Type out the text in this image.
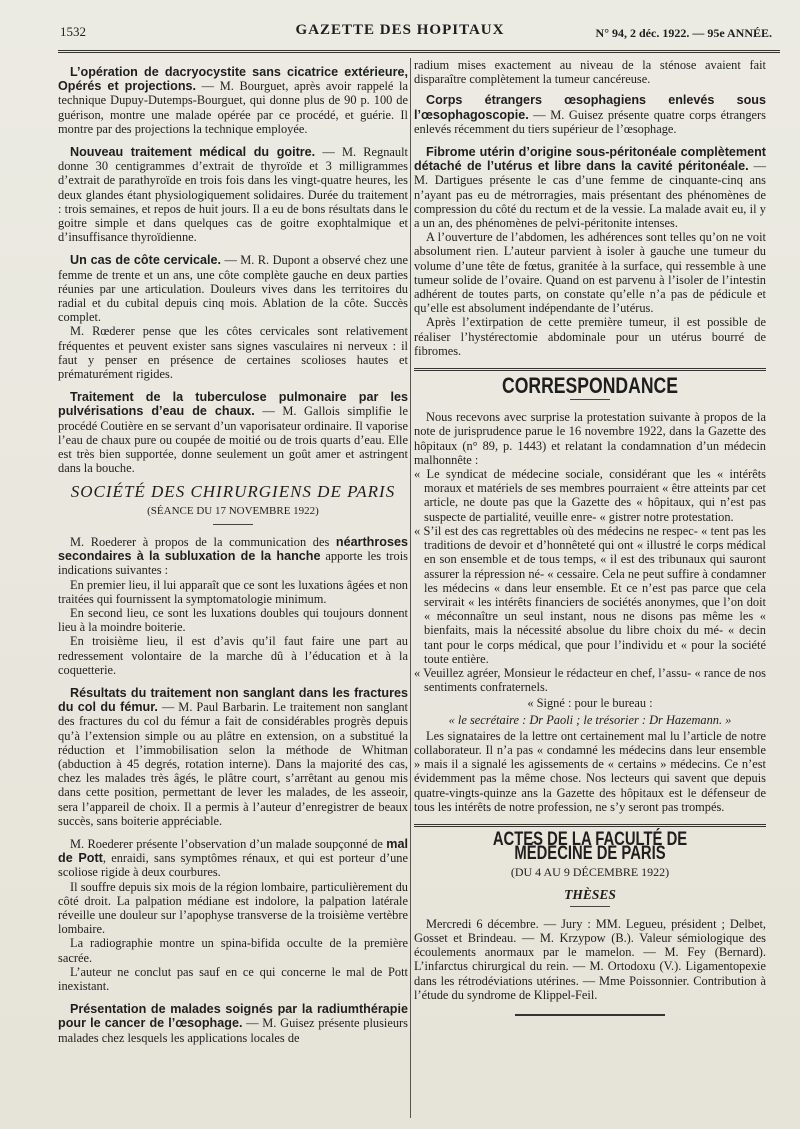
1532	GAZETTE DES HOPITAUX	N° 94, 2 déc. 1922. — 95e ANNÉE.

L’opération de dacryocystite sans cicatrice extérieure, Opérés et projections. — M. Bourguet, après avoir rappelé la technique Dupuy-Dutemps-Bourguet, qui donne plus de 90 p. 100 de guérison, montre une malade opérée par ce procédé, et guérie. Il montre par des projections la technique employée.

Nouveau traitement médical du goitre. — M. Regnault donne 30 centigrammes d’extrait de thyroïde et 3 milligrammes d’extrait de parathyroïde en trois fois dans les vingt-quatre heures, les deux glandes étant physiologiquement solidaires. Durée du traitement : trois semaines, et repos de huit jours. Il a eu de bons résultats dans le goitre simple et dans quelques cas de goitre exophtalmique et d’insuffisance thyroïdienne.

Un cas de côte cervicale. — M. R. Dupont a observé chez une femme de trente et un ans, une côte complète gauche en deux parties réunies par une articulation. Douleurs vives dans les territoires du radial et du cubital depuis cinq mois. Ablation de la côte. Succès complet.

M. Rœderer pense que les côtes cervicales sont relativement fréquentes et peuvent exister sans signes vasculaires ni nerveux : il faut y penser en présence de certaines scolioses hautes et prématurément rigides.

Traitement de la tuberculose pulmonaire par les pulvérisations d’eau de chaux. — M. Gallois simplifie le procédé Coutière en se servant d’un vaporisateur ordinaire. Il vaporise l’eau de chaux pure ou coupée de moitié ou de trois quarts d’eau. Elle est très bien supportée, donne seulement un goût amer et astringent dans la bouche.

SOCIÉTÉ DES CHIRURGIENS DE PARIS
(SÉANCE DU 17 NOVEMBRE 1922)

M. Roederer à propos de la communication des néarthroses secondaires à la subluxation de la hanche apporte les trois indications suivantes :

En premier lieu, il lui apparaît que ce sont les luxations âgées et non traitées qui fournissent la symptomatologie minimum.

En second lieu, ce sont les luxations doubles qui toujours donnent lieu à la moindre boiterie.

En troisième lieu, il est d’avis qu’il faut faire une part au redressement volontaire de la marche dû à l’éducation et à la coquetterie.

Résultats du traitement non sanglant dans les fractures du col du fémur. — M. Paul Barbarin. Le traitement non sanglant des fractures du col du fémur a fait de considérables progrès depuis qu’à l’extension simple ou au plâtre en extension, on a substitué la réduction et l’immobilisation selon la méthode de Whitman (abduction à 45 degrés, rotation interne). Dans la majorité des cas, chez les malades très âgés, le plâtre court, s’arrêtant au genou mis dans cette position, permettant de lever les malades, de les asseoir, sera l’appareil de choix. Il a permis à l’auteur d’enregistrer de beaux succès, sans boiterie appréciable.

M. Roederer présente l’observation d’un malade soupçonné de mal de Pott, enraidi, sans symptômes rénaux, et qui est porteur d’une scoliose rigide à deux courbures.

Il souffre depuis six mois de la région lombaire, particulièrement du côté droit. La palpation médiane est indolore, la palpation latérale réveille une douleur sur l’apophyse transverse de la troisième vertèbre lombaire.

La radiographie montre un spina-bifida occulte de la première sacrée.

L’auteur ne conclut pas sauf en ce qui concerne le mal de Pott inexistant.

Présentation de malades soignés par la radiumthérapie pour le cancer de l’œsophage. — M. Guisez présente plusieurs malades chez lesquels les applications locales de

radium mises exactement au niveau de la sténose avaient fait disparaître complètement la tumeur cancéreuse.

Corps étrangers œsophagiens enlevés sous l’œsophagoscopie. — M. Guisez présente quatre corps étrangers enlevés récemment du tiers supérieur de l’œsophage.

Fibrome utérin d’origine sous-péritonéale complètement détaché de l’utérus et libre dans la cavité péritonéale. — M. Dartigues présente le cas d’une femme de cinquante-cinq ans n’ayant pas eu de métrorragies, mais présentant des phénomènes de compression du côté du rectum et de la vessie. La malade avait eu, il y a un an, des phénomènes de pelvi-péritonite intenses.

A l’ouverture de l’abdomen, les adhérences sont telles qu’on ne voit absolument rien. L’auteur parvient à isoler à gauche une tumeur du volume d’une tête de fœtus, granitée à la surface, qui ressemble à une tumeur solide de l’ovaire. Quand on est parvenu à l’isoler de l’intestin adhérent de toutes parts, on constate qu’elle n’a pas de pédicule et qu’elle est absolument indépendante de l’utérus.

Après l’extirpation de cette première tumeur, il est possible de réaliser l’hystérectomie abdominale pour un utérus bourré de fibromes.

CORRESPONDANCE

Nous recevons avec surprise la protestation suivante à propos de la note de jurisprudence parue le 16 novembre 1922, dans la Gazette des hôpitaux (n° 89, p. 1443) et relatant la condamnation d’un médecin malhonnête :

« Le syndicat de médecine sociale, considérant que les « intérêts moraux et matériels de ses membres pourraient « être atteints par cet article, ne doute pas que la Gazette des « hôpitaux, qui n’est pas suspecte de partialité, veuille enre- « gistrer notre protestation.

« S’il est des cas regrettables où des médecins ne respec- « tent pas les traditions de devoir et d’honnêteté qui ont « illustré le corps médical en son ensemble et de tous temps, « il est des tribunaux qui sauront assurer la répression né- « cessaire. Cela ne peut suffire à condamner les médecins « dans leur ensemble. Et ce n’est pas parce que cela servirait « les intérêts financiers de sociétés anonymes, que l’on doit « méconnaître un seul instant, nous ne disons pas même les « bienfaits, mais la nécessité absolue du libre choix du mé- « decin tant pour le corps médical, que pour l’individu et « pour la société toute entière.

« Veuillez agréer, Monsieur le rédacteur en chef, l’assu- « rance de nos sentiments confraternels.

« Signé : pour le bureau :
« le secrétaire : Dr Paoli ; le trésorier : Dr Hazemann. »

Les signataires de la lettre ont certainement mal lu l’article de notre collaborateur. Il n’a pas « condamné les médecins dans leur ensemble » mais il a signalé les agissements de « certains » médecins. Ce n’est évidemment pas la même chose. Nos lecteurs qui savent que depuis quatre-vingts-quinze ans la Gazette des hôpitaux est le défenseur de tous les intérêts de notre profession, ne s’y seront pas trompés.

ACTES DE LA FACULTÉ DE MÉDECINE DE PARIS
(DU 4 AU 9 DÉCEMBRE 1922)
THÈSES

Mercredi 6 décembre. — Jury : MM. Legueu, président ; Delbet, Gosset et Brindeau. — M. Krzypow (B.). Valeur sémiologique des écoulements anormaux par le mamelon. — M. Fey (Bernard). L’infarctus chirurgical du rein. — M. Ortodoxu (V.). Ligamentopexie dans les rétrodéviations utérines. — Mme Poissonnier. Contribution à l’étude du syndrome de Klippel-Feil.
